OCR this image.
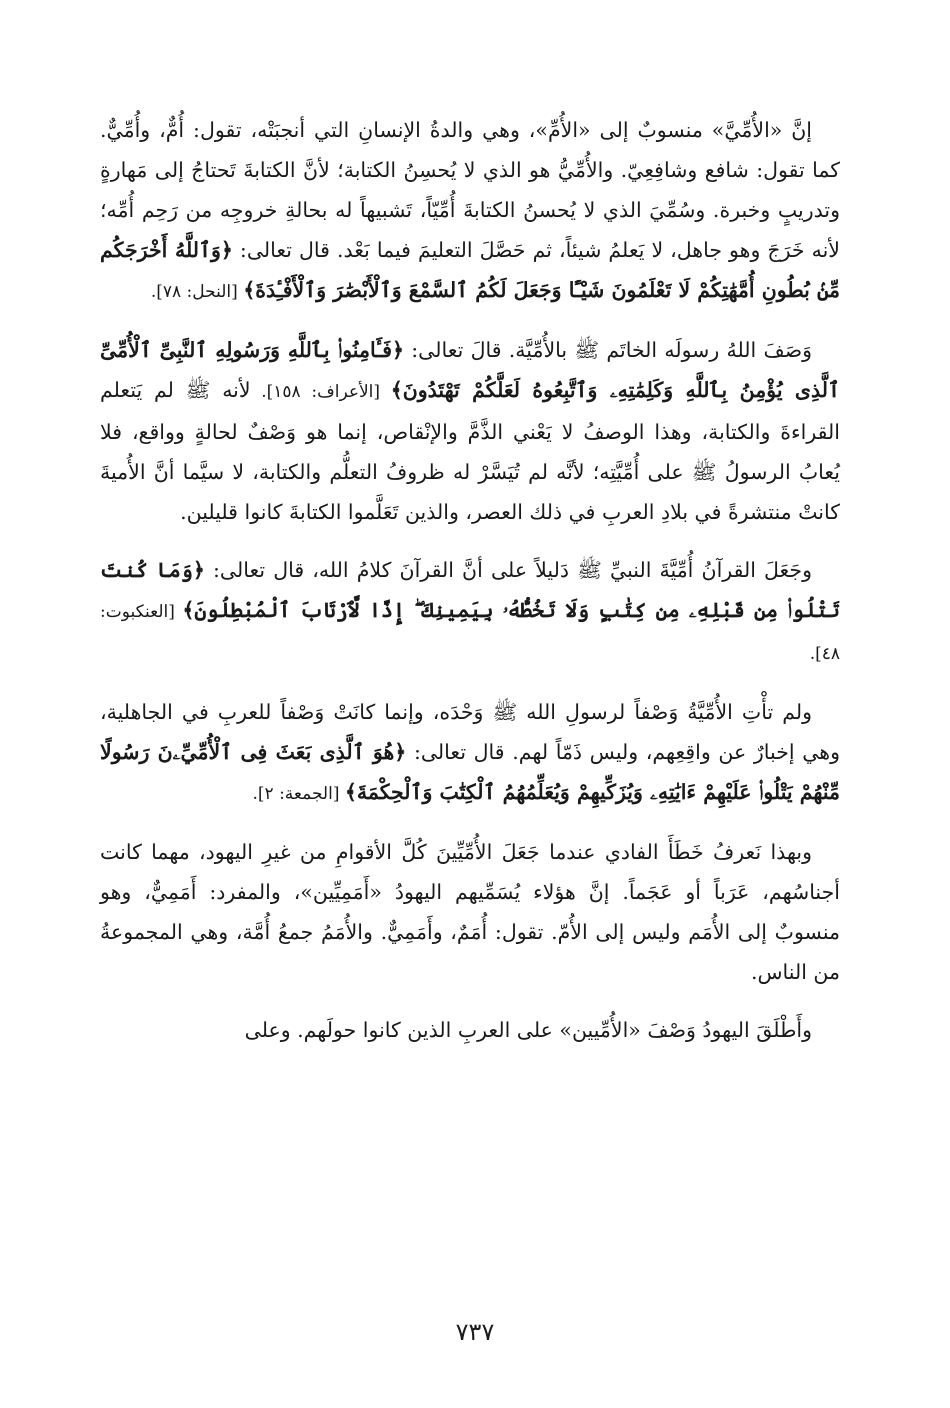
إنَّ «الأُمِّيَّ» منسوبٌ إلى «الأُمِّ»، وهي والدةُ الإنسانِ التي أنجبَتْه، تقول: أُمٌّ، وأُمِّيٌّ. كما تقول: شافع وشافِعِيّ. والأُمِّيُّ هو الذي لا يُحسِنُ الكتابة؛ لأنَّ الكتابةَ تَحتاجُ إلى مَهارةٍ وتدريبٍ وخبرة. وسُمِّيَ الذي لا يُحسنُ الكتابةَ أُمِّيّاً، تَشبيهاً له بحالةِ خروجِه من رَحِم أُمِّه؛ لأنه خَرَجَ وهو جاهل، لا يَعلمُ شيئاً، ثم حَصَّلَ التعليمَ فيما بَعْد. قال تعالى: ﴿وَٱللَّهُ أَخْرَجَكُم مِّنۢ بُطُونِ أُمَّهَٰتِكُمْ لَا تَعْلَمُونَ شَيْـًٔا وَجَعَلَ لَكُمُ ٱلسَّمْعَ وَٱلْأَبْصَٰرَ وَٱلْأَفْـِٔدَةَ﴾ [النحل: ٧٨].

وَصَفَ اللهُ رسولَه الخاتَم ﷺ بالأُمِّيَّة. قالَ تعالى: ﴿فَـَٔامِنُوا۟ بِٱللَّهِ وَرَسُولِهِ ٱلنَّبِىِّ ٱلْأُمِّىِّ ٱلَّذِى يُؤْمِنُ بِٱللَّهِ وَكَلِمَٰتِهِۦ وَٱتَّبِعُوهُ لَعَلَّكُمْ تَهْتَدُونَ﴾ [الأعراف: ١٥٨]. لأنه ﷺ لم يَتعلم القراءةَ والكتابة، وهذا الوصفُ لا يَعْني الذَّمَّ والإنْقاص، إنما هو وَصْفٌ لحالةٍ وواقع، فلا يُعابُ الرسولُ ﷺ على أُمِّيَّتِه؛ لأنَّه لم تُيَسَّرْ له ظروفُ التعلُّم والكتابة، لا سيَّما أنَّ الأُميةَ كانتْ منتشرةً في بلادِ العربِ في ذلك العصر، والذين تَعَلَّموا الكتابةَ كانوا قليلين.

وجَعَلَ القرآنُ أُمِّيَّةَ النبيِّ ﷺ دَليلاً على أنَّ القرآنَ كلامُ الله، قال تعالى: ﴿وَمَا كُنتَ تَتْلُوا۟ مِن قَبْلِهِۦ مِن كِتَٰبٍ وَلَا تَخُطُّهُۥ بِيَمِينِكَ ۖ إِذًا لَّٱرْتَابَ ٱلْمُبْطِلُونَ﴾ [العنكبوت: ٤٨].

ولم تأْتِ الأُمِّيَّةُ وَصْفاً لرسولِ الله ﷺ وَحْدَه، وإنما كانَتْ وَصْفاً للعربِ في الجاهلية، وهي إخبارٌ عن واقِعِهم، وليس ذَمّاً لهم. قال تعالى: ﴿هُوَ ٱلَّذِى بَعَثَ فِى ٱلْأُمِّيِّۦنَ رَسُولًا مِّنْهُمْ يَتْلُوا۟ عَلَيْهِمْ ءَايَٰتِهِۦ وَيُزَكِّيهِمْ وَيُعَلِّمُهُمُ ٱلْكِتَٰبَ وَٱلْحِكْمَةَ﴾ [الجمعة: ٢].

وبهذا نَعرفُ خَطَأَ الفادي عندما جَعَلَ الأُمِّيِّينَ كُلَّ الأقوامِ من غيرِ اليهود، مهما كانت أجناسُهم، عَرَباً أو عَجَماً. إنَّ هؤلاء يُسَمِّيهم اليهودُ «أَمَمِيِّين»، والمفرد: أَمَمِيٌّ، وهو منسوبٌ إلى الأُمَم وليس إلى الأُمّ. تقول: أُمَمٌ، وأَمَمِيٌّ. والأُمَمُ جمعُ أُمَّة، وهي المجموعةُ من الناس.

وأَطْلَقَ اليهودُ وَصْفَ «الأُمِّيين» على العربِ الذين كانوا حولَهم. وعلى

٧٣٧
